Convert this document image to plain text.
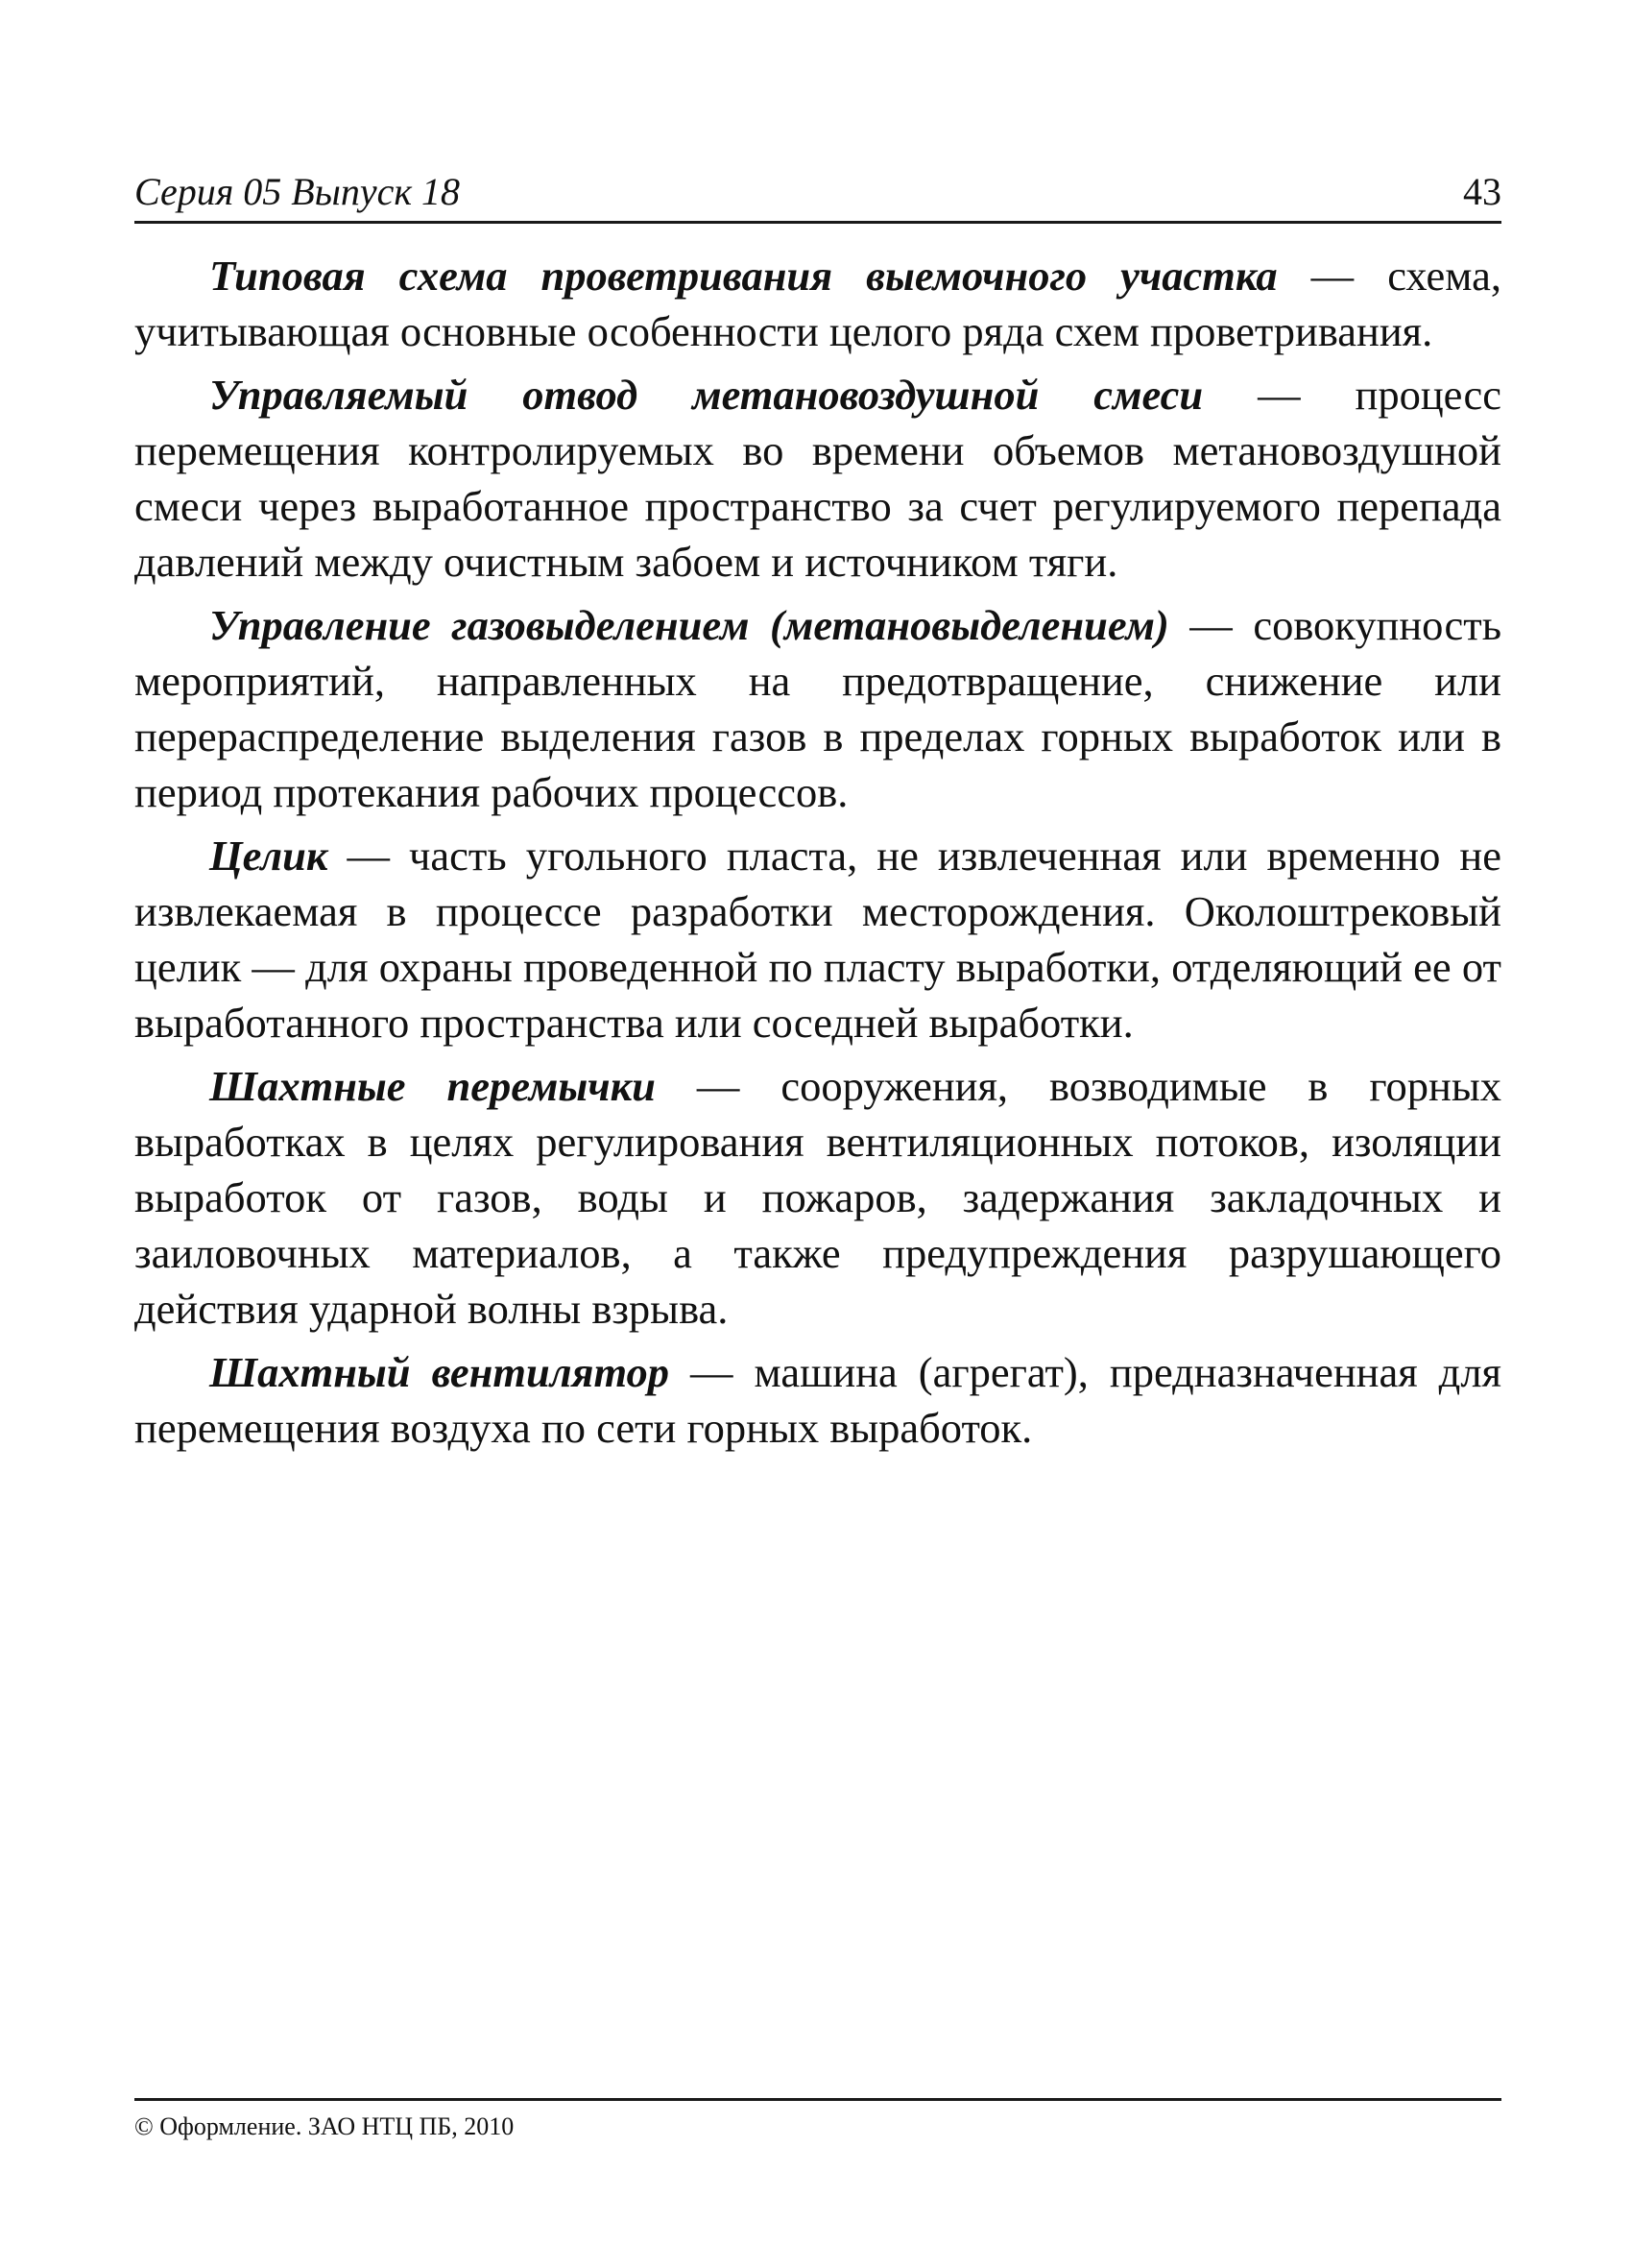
Серия 05 Выпуск 18	43

Типовая схема проветривания выемочного участка — схема, учитывающая основные особенности целого ряда схем проветривания.

Управляемый отвод метановоздушной смеси — процесс перемещения контролируемых во времени объемов метановоздушной смеси через выработанное пространство за счет регулируемого перепада давлений между очистным забоем и источником тяги.

Управление газовыделением (метановыделением) — совокупность мероприятий, направленных на предотвращение, снижение или перераспределение выделения газов в пределах горных выработок или в период протекания рабочих процессов.

Целик — часть угольного пласта, не извлеченная или временно не извлекаемая в процессе разработки месторождения. Околоштрековый целик — для охраны проведенной по пласту выработки, отделяющий ее от выработанного пространства или соседней выработки.

Шахтные перемычки — сооружения, возводимые в горных выработках в целях регулирования вентиляционных потоков, изоляции выработок от газов, воды и пожаров, задержания закладочных и заиловочных материалов, а также предупреждения разрушающего действия ударной волны взрыва.

Шахтный вентилятор — машина (агрегат), предназначенная для перемещения воздуха по сети горных выработок.

© Оформление. ЗАО НТЦ ПБ, 2010
